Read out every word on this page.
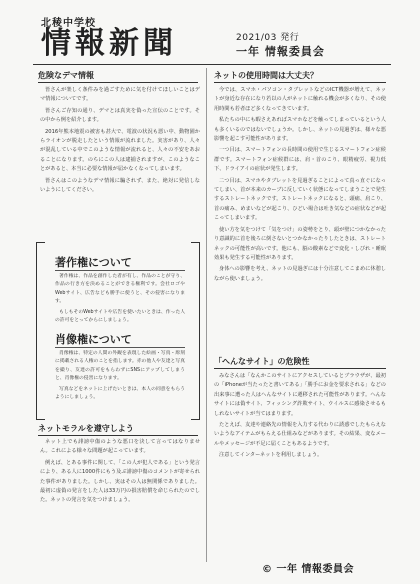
北稜中学校
情報新聞	2021/03 発行
一年 情報委員会
危険なデマ情報

皆さんが楽しく条件みを過ごすために気を付けてほしいことはデマ情報についてです。

皆さんご存知の通り、デマとは真実を偽った宣伝のことです。その中から例を紹介します。

2016年熊本地震の被害も甚大で、電波の状況も悪い中、動物園からライオンが脱走したという情報が流れました。実害があり、人々が混乱している中でこのような情報が流れると、人々の不安をあおることになります。のちにこの人は逮捕されますが、このようなことがあると、本当に必要な情報が届かなくなってしまいます。

皆さんはこのようなデマ情報に騙されず、また、絶対に発信しないようにしてください。

著作権について

著作権は、作品を創作した者が有し、作品のことが守り、作品の行き方を決めることができる権利です。会社ロゴやWebサイト、広告なども勝手に使うと、その侵害になります。

もしもそのWebサイトや広告を使いたいときは、作った人の許可をとってからにしましょう。

肖像権について

肖像権は、特定の人間の外観を表現した絵画・写真・彫刻に掲載される人権のことを指します。赤の他人や友達と写真を撮り、友達の許可をもらわずにSNSにアップしてしまうと、肖像権の侵害になります。

写真などをネットに上げたいときは、本人の同意をもらうようにしましょう。

ネットモラルを遵守しよう

ネット上でも誹謗中傷のような悪口を決して言ってはなりません。これによる様々な問題が起こっています。

例えば、とある事件に関して、「この人が犯人である」という発言により、ある人に1000件にもう及ぶ誹謗中傷のコメントが寄せられた事件がありました。しかし、実はその人は無関係でありました。最初に虚偽の発言をした人は33万円の損害賠償を命じられたのでした。ネットの発言を気をつけましょう。

ネットの使用時間は大丈夫？

今では、スマホ・パソコン・タブレットなどのICT機器が増えて、ネットが身近な存在になり若以の人がネットに触れる機会が多くなり、その使用時間も若者ほど多くなってきています。

私たちの中にも暇さえあればスマホなどを触ってしまっているという人も多くいるのではないでしょうか。しかし、ネットの見過ぎは、様々な悪影響を起こす可能性があります。

一つ目は、スマートフォンの長時間の使用で生じるスマートフォン症候群です。スマートフォン症候群には、肩・首のこり、眼精疲労、視力低下、ドライアイの症状が発生します。

二つ目は、スマホやタブレットを見過ぎることによって真っ直ぐになってしまい、首が本来のカーブに反していく状態になってしまうことで発生するストレートネックです。ストレートネックになると、頭痛、肩こり、首の痛み、めまいなどが起こり、ひどい場合は吐き気などの症状などが起こってしまいます。

使い方を気をつけて「気をつけ」の姿勢をとり、頭が壁につかなかったり意識的に首を後ろに倒さないとつかなかったりしたときは、ストレートネックの可能性が高いです。他にも、脳の酸素などで変化・しびれ・睡眠効果も発生する可能性があります。

身体への影響を考え、ネットの見過ぎには十分注意してこまめに休憩しながら使いましょう。

「へんなサイト」の危険性

みなさんは「なんかこのサイトにアクセスしているとブラウザが、最初の「iPhoneが当たったと書いてある」「勝手にお金を要求される」などの出来事に遭った人はへんなサイトに遷移された可能性があります。へんなサイトには偽サイト、フィッシング詐欺サイト、ウイルスに感染させるもしれないサイトが当てはまります。

たとえば、友達や連絡先の情報を入力する代わりに誘惑でしたもらえないようなアイテムがもらえる仕組みなどがあります。その結果、変なメールやメッセージが不足に届くこともあるようです。

注意してインターネットを利用しましょう。

© 一年 情報委員会
